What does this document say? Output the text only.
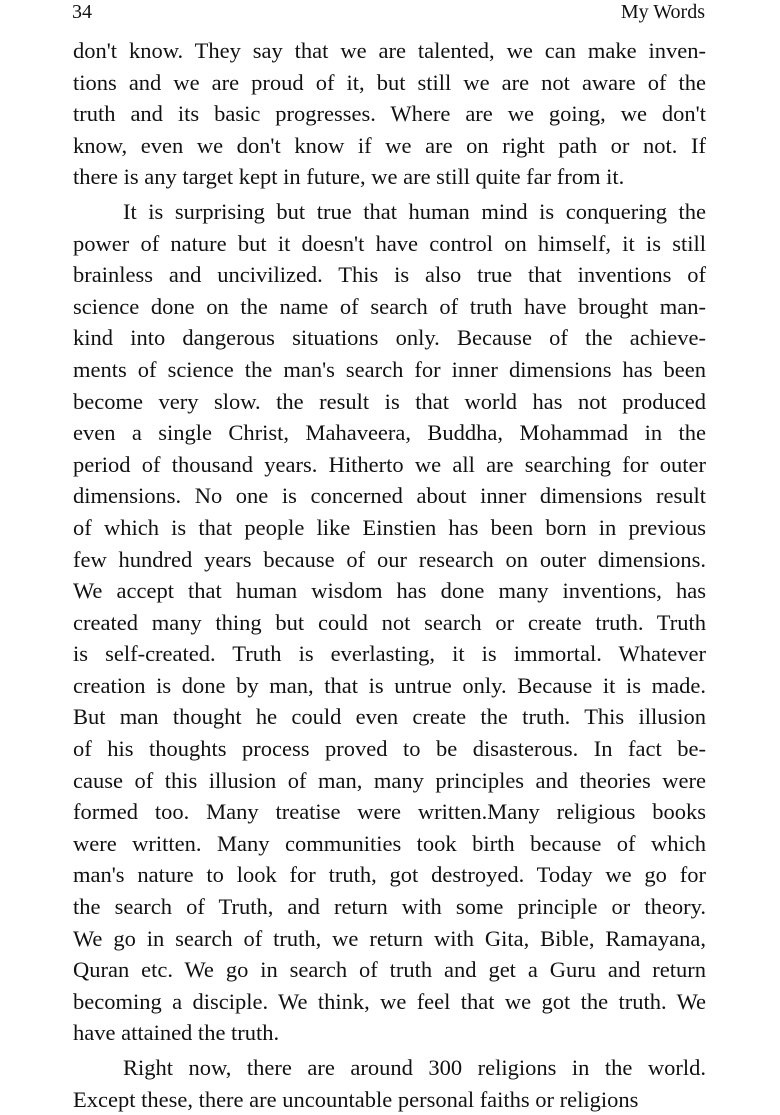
34	My Words
don't know. They say that we are talented, we can make inven-
tions and we are proud of it, but still we are not aware of the
truth and its basic progresses. Where are we going, we don't
know, even we don't know if we are on right path or not. If
there is any target kept in future, we are still quite far from it.
It is surprising but true that human mind is conquering the
power of nature but it doesn't have control on himself, it is still
brainless and uncivilized. This is also true that inventions of
science done on the name of search of truth have brought man-
kind into dangerous situations only. Because of the achieve-
ments of science the man's search for inner dimensions has been
become very slow. the result is that world has not produced
even a single Christ, Mahaveera, Buddha, Mohammad in the
period of thousand years. Hitherto we all are searching for outer
dimensions. No one is concerned about inner dimensions result
of which is that people like Einstien has been born in previous
few hundred years because of our research on outer dimensions.
We accept that human wisdom has done many inventions, has
created many thing but could not search or create truth. Truth
is self-created. Truth is everlasting, it is immortal. Whatever
creation is done by man, that is untrue only. Because it is made.
But man thought he could even create the truth. This illusion
of his thoughts process proved to be disasterous. In fact be-
cause of this illusion of man, many principles and theories were
formed too. Many treatise were written.Many religious books
were written. Many communities took birth because of which
man's nature to look for truth, got destroyed. Today we go for
the search of Truth, and return with some principle or theory.
We go in search of truth, we return with Gita, Bible, Ramayana,
Quran etc. We go in search of truth and get a Guru and return
becoming a disciple. We think, we feel that we got the truth. We
have attained the truth.
Right now, there are around 300 religions in the world.
Except these, there are uncountable personal faiths or religions
